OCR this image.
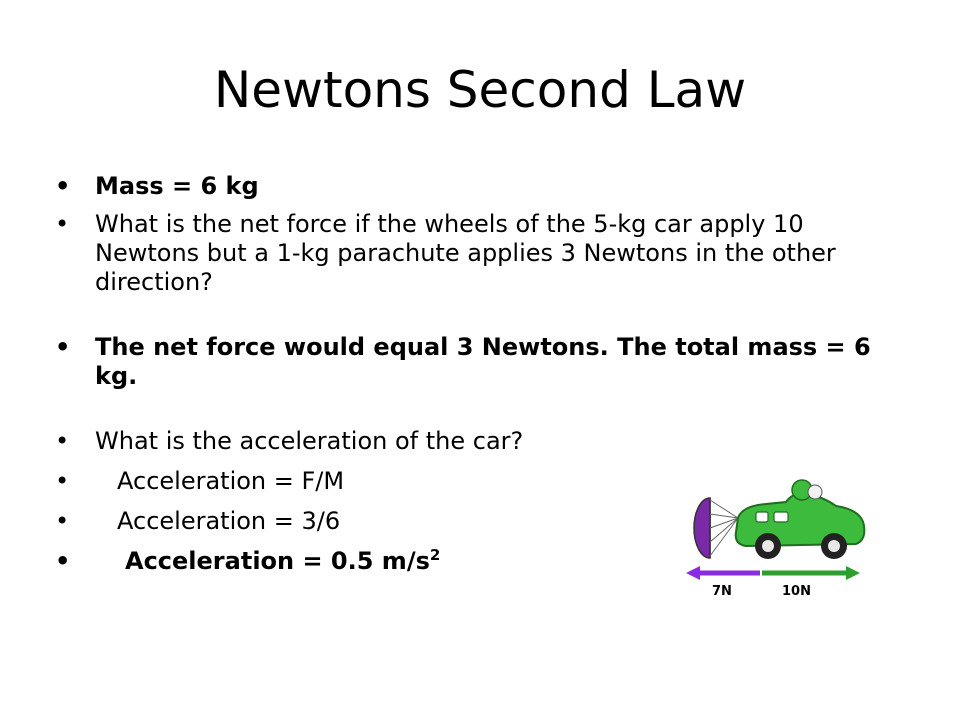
Newtons Second Law
• Mass = 6 kg
• What is the net force if the wheels of the 5-kg car apply 10 Newtons but a 1-kg parachute applies 3 Newtons in the other direction?
• The net force would equal 3 Newtons. The total mass = 6 kg.
• What is the acceleration of the car?
• Acceleration = F/M
• Acceleration = 3/6
• Acceleration = 0.5 $m/s^2$
7N	10N
